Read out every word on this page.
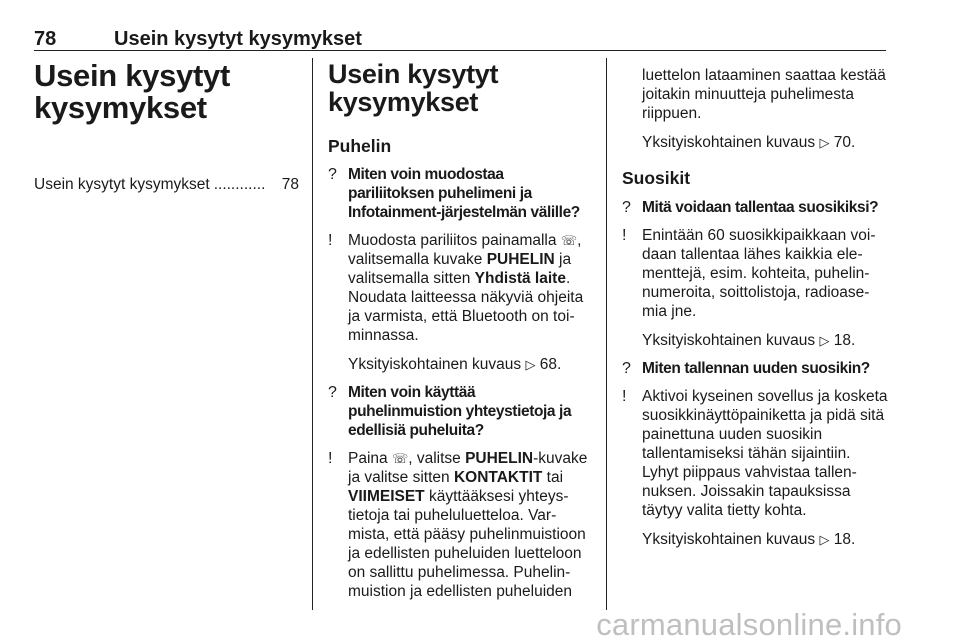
78	Usein kysytyt kysymykset
Usein kysytyt kysymykset
Usein kysytyt kysymykset ............	78
Usein kysytyt kysymykset
Puhelin
? Miten voin muodostaa pariliitoksen puhelimeni ja Infotainment-järjestelmän välille?
!	Muodosta pariliitos painamalla ☏, valitsemalla kuvake PUHELIN ja valitsemalla sitten Yhdistä laite. Noudata laitteessa näkyviä ohjeita ja varmista, että Bluetooth on toiminnassa.
Yksityiskohtainen kuvaus ▷ 68.
? Miten voin käyttää puhelinmuistion yhteystietoja ja edellisiä puheluita?
!	Paina ☏, valitse PUHELIN-kuvake ja valitse sitten KONTAKTIT tai VIIMEISET käyttääksesi yhteystietoja tai puheluluetteloa. Varmista, että pääsy puhelinmuistioon ja edellisten puheluiden luetteloon on sallittu puhelimessa. Puhelinmuistion ja edellisten puheluiden
luettelon lataaminen saattaa kestää joitakin minuutteja puhelimesta riippuen.
Yksityiskohtainen kuvaus ▷ 70.
Suosikit
? Mitä voidaan tallentaa suosikiksi?
!	Enintään 60 suosikkipaikkaan voidaan tallentaa lähes kaikkia elementtejä, esim. kohteita, puhelinnumeroita, soittolistoja, radioasemia jne.
Yksityiskohtainen kuvaus ▷ 18.
? Miten tallennan uuden suosikin?
!	Aktivoi kyseinen sovellus ja kosketa suosikkinäyttöpainiketta ja pidä sitä painettuna uuden suosikin tallentamiseksi tähän sijaintiin. Lyhyt piippaus vahvistaa tallennuksen. Joissakin tapauksissa täytyy valita tietty kohta.
Yksityiskohtainen kuvaus ▷ 18.
carmanualsonline.info
